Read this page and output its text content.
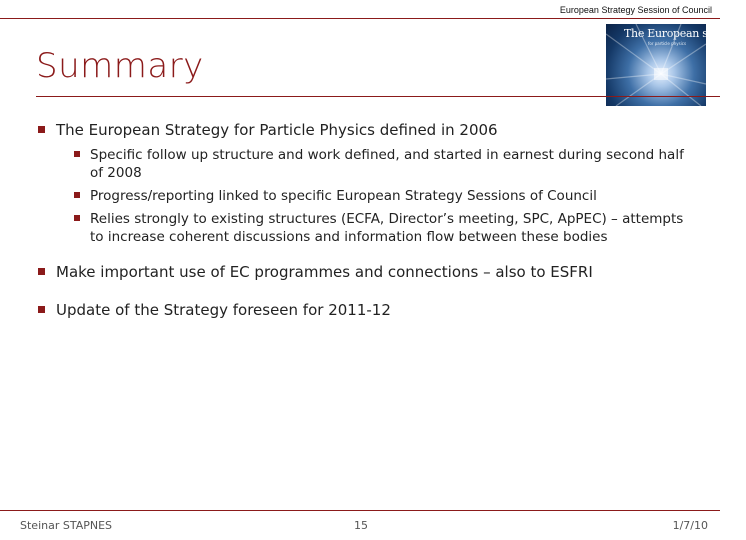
European Strategy Session of Council
The European strategy
for particle physics
Summary
The European Strategy for Particle Physics defined in 2006
Specific follow up structure and work defined, and started in earnest during second half of 2008
Progress/reporting linked to specific European Strategy Sessions of Council
Relies strongly to existing structures (ECFA, Director’s meeting, SPC, ApPEC) – attempts to increase coherent discussions and information flow between these bodies
Make important use of EC programmes and connections – also to ESFRI
Update of the Strategy foreseen for 2011-12
Steinar STAPNES	15	1/7/10
